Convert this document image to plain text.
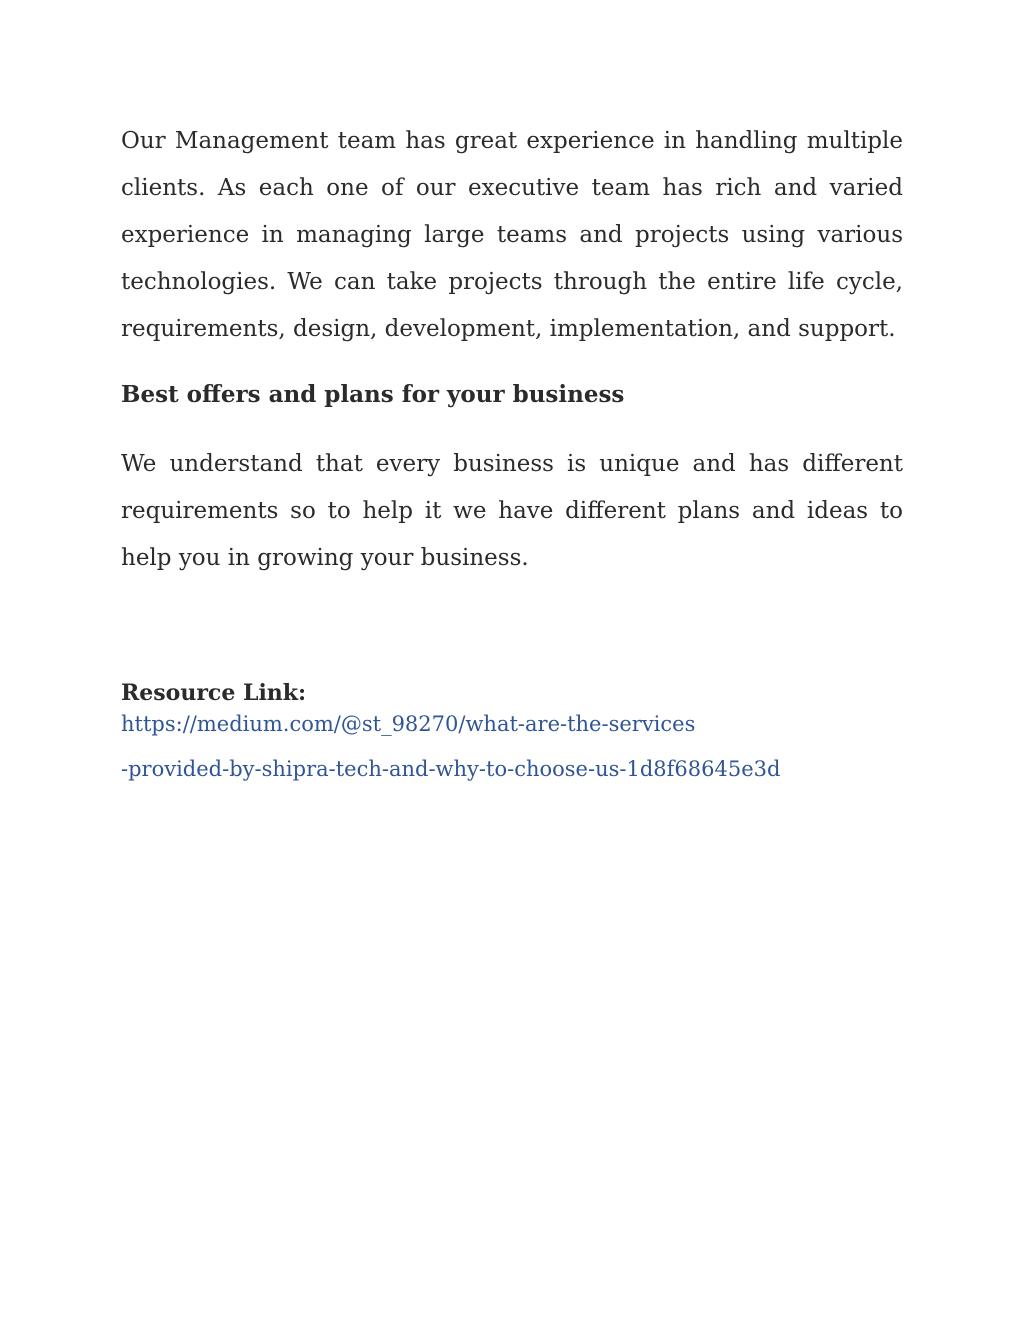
Our Management team has great experience in handling multiple clients. As each one of our executive team has rich and varied experience in managing large teams and projects using various technologies. We can take projects through the entire life cycle, requirements, design, development, implementation, and support.

Best offers and plans for your business

We understand that every business is unique and has different requirements so to help it we have different plans and ideas to help you in growing your business.

Resource Link:
https://medium.com/@st_98270/what-are-the-services
-provided-by-shipra-tech-and-why-to-choose-us-1d8f68645e3d
